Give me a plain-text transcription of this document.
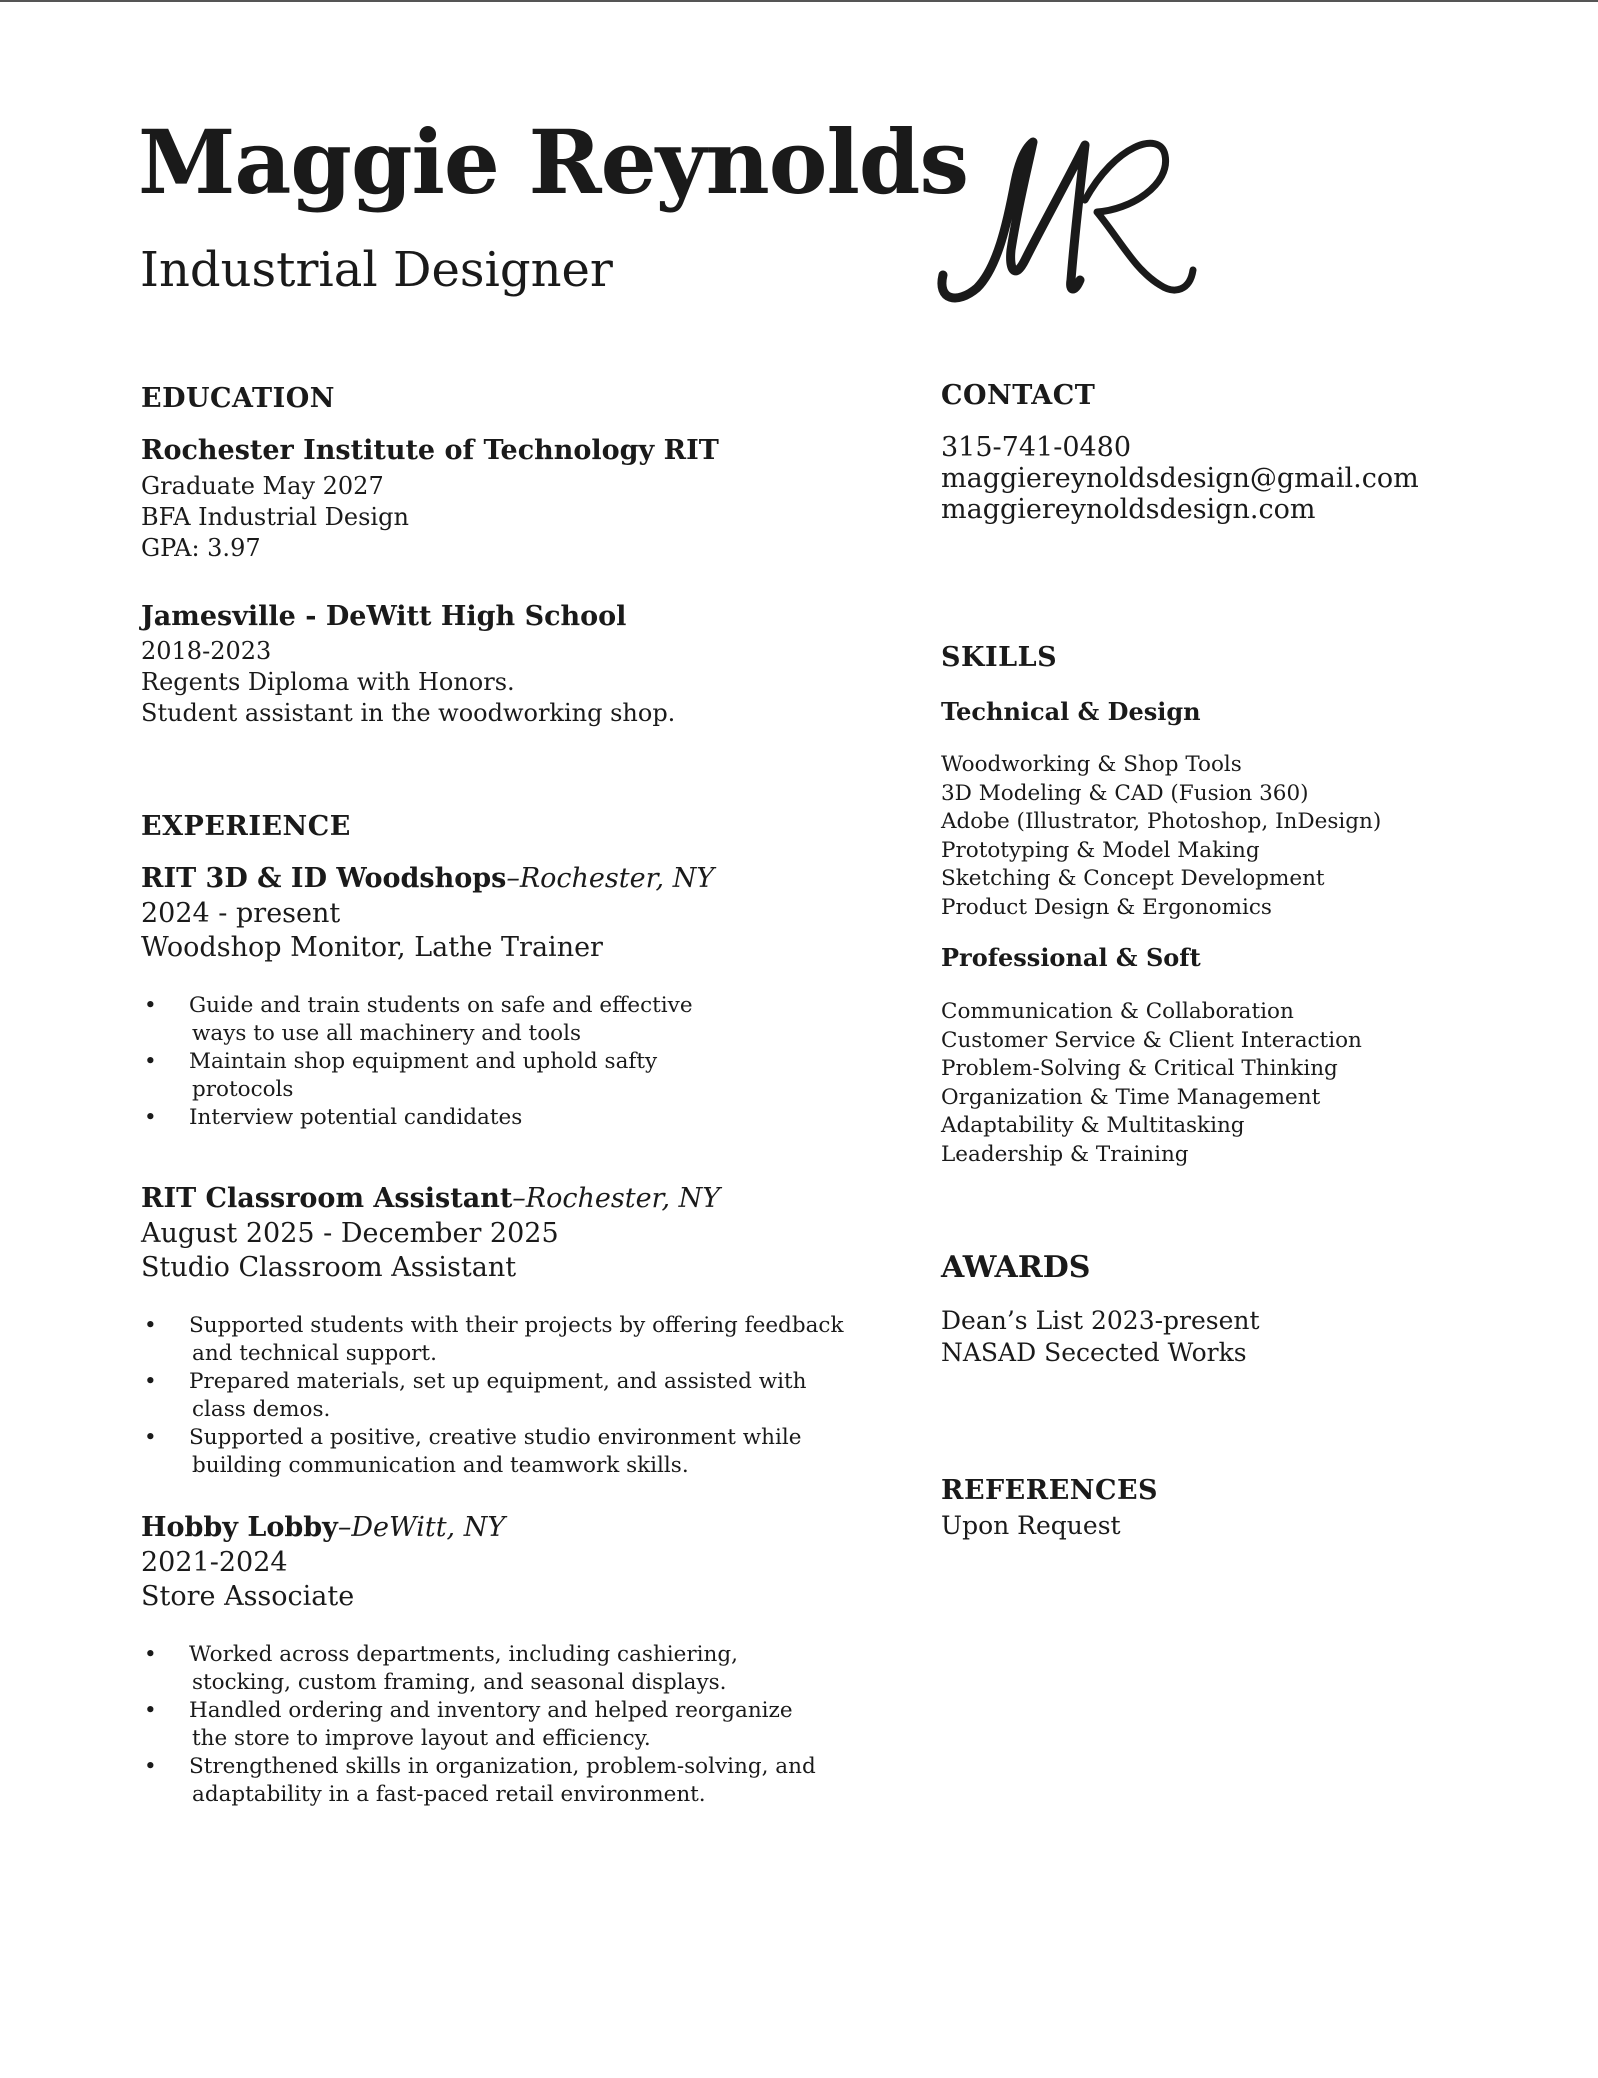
Maggie Reynolds
Industrial Designer
EDUCATION
Rochester Institute of Technology RIT
Graduate May 2027
BFA Industrial Design
GPA: 3.97
Jamesville - DeWitt High School
2018-2023
Regents Diploma with Honors.
Student assistant in the woodworking shop.
EXPERIENCE
RIT 3D & ID Woodshops–Rochester, NY
2024 - present
Woodshop Monitor, Lathe Trainer
• Guide and train students on safe and effective
ways to use all machinery and tools
• Maintain shop equipment and uphold safty
protocols
• Interview potential candidates
RIT Classroom Assistant–Rochester, NY
August 2025 - December 2025
Studio Classroom Assistant
• Supported students with their projects by offering feedback
and technical support.
• Prepared materials, set up equipment, and assisted with
class demos.
• Supported a positive, creative studio environment while
building communication and teamwork skills.
Hobby Lobby–DeWitt, NY
2021-2024
Store Associate
• Worked across departments, including cashiering,
stocking, custom framing, and seasonal displays.
• Handled ordering and inventory and helped reorganize
the store to improve layout and efficiency.
• Strengthened skills in organization, problem-solving, and
adaptability in a fast-paced retail environment.
CONTACT
315-741-0480
maggiereynoldsdesign@gmail.com
maggiereynoldsdesign.com
SKILLS
Technical & Design
Woodworking & Shop Tools
3D Modeling & CAD (Fusion 360)
Adobe (Illustrator, Photoshop, InDesign)
Prototyping & Model Making
Sketching & Concept Development
Product Design & Ergonomics
Professional & Soft
Communication & Collaboration
Customer Service & Client Interaction
Problem-Solving & Critical Thinking
Organization & Time Management
Adaptability & Multitasking
Leadership & Training
AWARDS
Dean’s List 2023-present
NASAD Secected Works
REFERENCES
Upon Request
